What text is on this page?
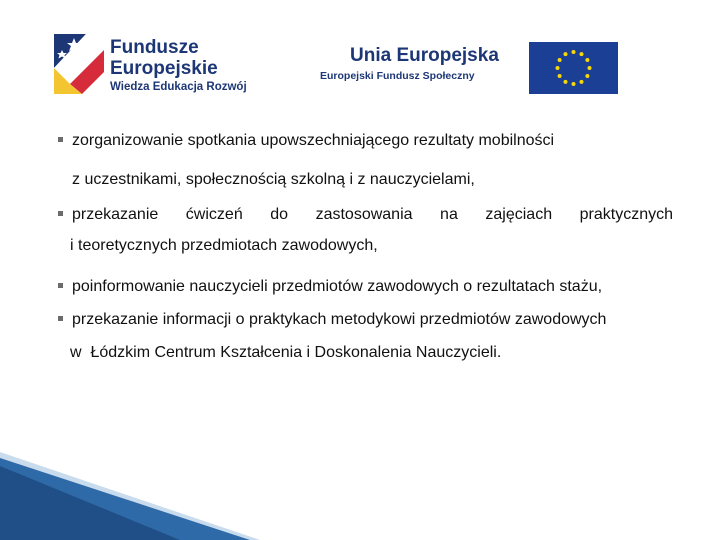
Fundusze
Europejskie
Wiedza Edukacja Rozwój
Unia Europejska
Europejski Fundusz Społeczny
zorganizowanie spotkania upowszechniającego rezultaty mobilności
z uczestnikami, społecznością szkolną i z nauczycielami,
przekazanie ćwiczeń do zastosowania na zajęciach praktycznych
i teoretycznych przedmiotach zawodowych,
poinformowanie nauczycieli przedmiotów zawodowych o rezultatach stażu,
przekazanie informacji o praktykach metodykowi przedmiotów zawodowych
w  Łódzkim Centrum Kształcenia i Doskonalenia Nauczycieli.
